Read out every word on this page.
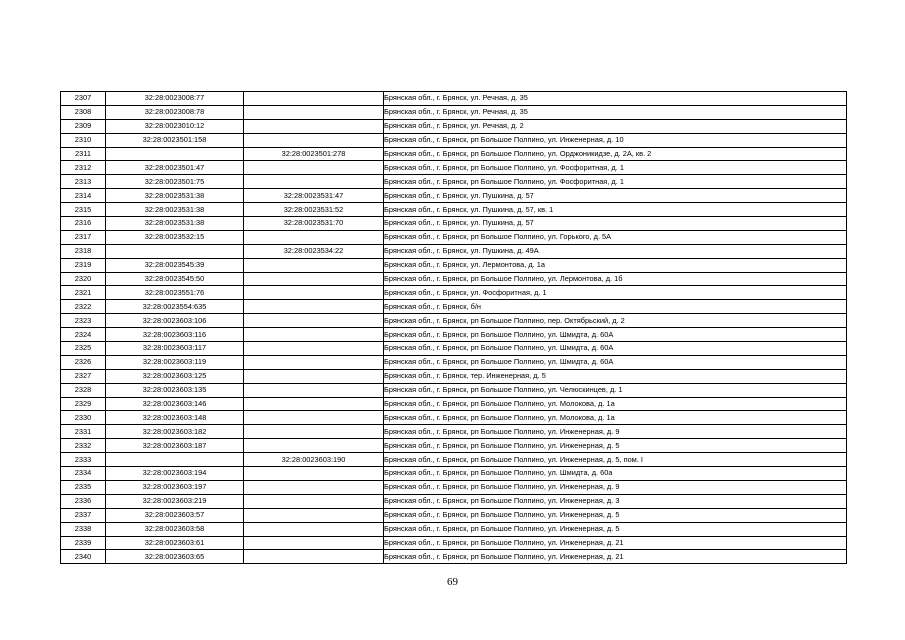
2307	32:28:0023008:77		Брянская обл., г. Брянск, ул. Речная, д. 35
2308	32:28:0023008:78		Брянская обл., г. Брянск, ул. Речная, д. 35
2309	32:28:0023010:12		Брянская обл., г. Брянск, ул. Речная, д. 2
2310	32:28:0023501:158		Брянская обл., г. Брянск, рп Большое Полпино, ул. Инженерная, д. 10
2311		32:28:0023501:278	Брянская обл., г. Брянск, рп Большое Полпино, ул. Орджоникидзе, д. 2А, кв. 2
2312	32:28:0023501:47		Брянская обл., г. Брянск, рп Большое Полпино, ул. Фосфоритная, д. 1
2313	32:28:0023501:75		Брянская обл., г. Брянск, рп Большое Полпино, ул. Фосфоритная, д. 1
2314	32:28:0023531:38	32:28:0023531:47	Брянская обл., г. Брянск, ул. Пушкина, д. 57
2315	32:28:0023531:38	32:28:0023531:52	Брянская обл., г. Брянск, ул. Пушкина, д. 57, кв. 1
2316	32:28:0023531:38	32:28:0023531:70	Брянская обл., г. Брянск, ул. Пушкина, д. 57
2317	32:28:0023532:15		Брянская обл., г. Брянск, рп Большое Полпино, ул. Горького, д. 5А
2318		32:28:0023534:22	Брянская обл., г. Брянск, ул. Пушкина, д. 49А
2319	32:28:0023545:39		Брянская обл., г. Брянск, ул. Лермонтова, д. 1а
2320	32:28:0023545:50		Брянская обл., г. Брянск, рп Большое Полпино, ул. Лермонтова, д. 1б
2321	32:28:0023551:76		Брянская обл., г. Брянск, ул. Фосфоритная, д. 1
2322	32:28:0023554:635		Брянская обл., г. Брянск, б/н
2323	32:28:0023603:106		Брянская обл., г. Брянск, рп Большое Полпино, пер. Октябрьский, д. 2
2324	32:28:0023603:116		Брянская обл., г. Брянск, рп Большое Полпино, ул. Шмидта, д. 60А
2325	32:28:0023603:117		Брянская обл., г. Брянск, рп Большое Полпино, ул. Шмидта, д. 60А
2326	32:28:0023603:119		Брянская обл., г. Брянск, рп Большое Полпино, ул. Шмидта, д. 60А
2327	32:28:0023603:125		Брянская обл., г. Брянск, тер. Инженерная, д. 5
2328	32:28:0023603:135		Брянская обл., г. Брянск, рп Большое Полпино, ул. Челюскинцев, д. 1
2329	32:28:0023603:146		Брянская обл., г. Брянск, рп Большое Полпино, ул. Молокова, д. 1а
2330	32:28:0023603:148		Брянская обл., г. Брянск, рп Большое Полпино, ул. Молокова, д. 1а
2331	32:28:0023603:182		Брянская обл., г. Брянск, рп Большое Полпино, ул. Инженерная, д. 9
2332	32:28:0023603:187		Брянская обл., г. Брянск, рп Большое Полпино, ул. Инженерная, д. 5
2333		32:28:0023603:190	Брянская обл., г. Брянск, рп Большое Полпино, ул. Инженерная, д. 5, пом. I
2334	32:28:0023603:194		Брянская обл., г. Брянск, рп Большое Полпино, ул. Шмидта, д. 60а
2335	32:28:0023603:197		Брянская обл., г. Брянск, рп Большое Полпино, ул. Инженерная, д. 9
2336	32:28:0023603:219		Брянская обл., г. Брянск, рп Большое Полпино, ул. Инженерная, д. 3
2337	32:28:0023603:57		Брянская обл., г. Брянск, рп Большое Полпино, ул. Инженерная, д. 5
2338	32:28:0023603:58		Брянская обл., г. Брянск, рп Большое Полпино, ул. Инженерная, д. 5
2339	32:28:0023603:61		Брянская обл., г. Брянск, рп Большое Полпино, ул. Инженерная, д. 21
2340	32:28:0023603:65		Брянская обл., г. Брянск, рп Большое Полпино, ул. Инженерная, д. 21
69
